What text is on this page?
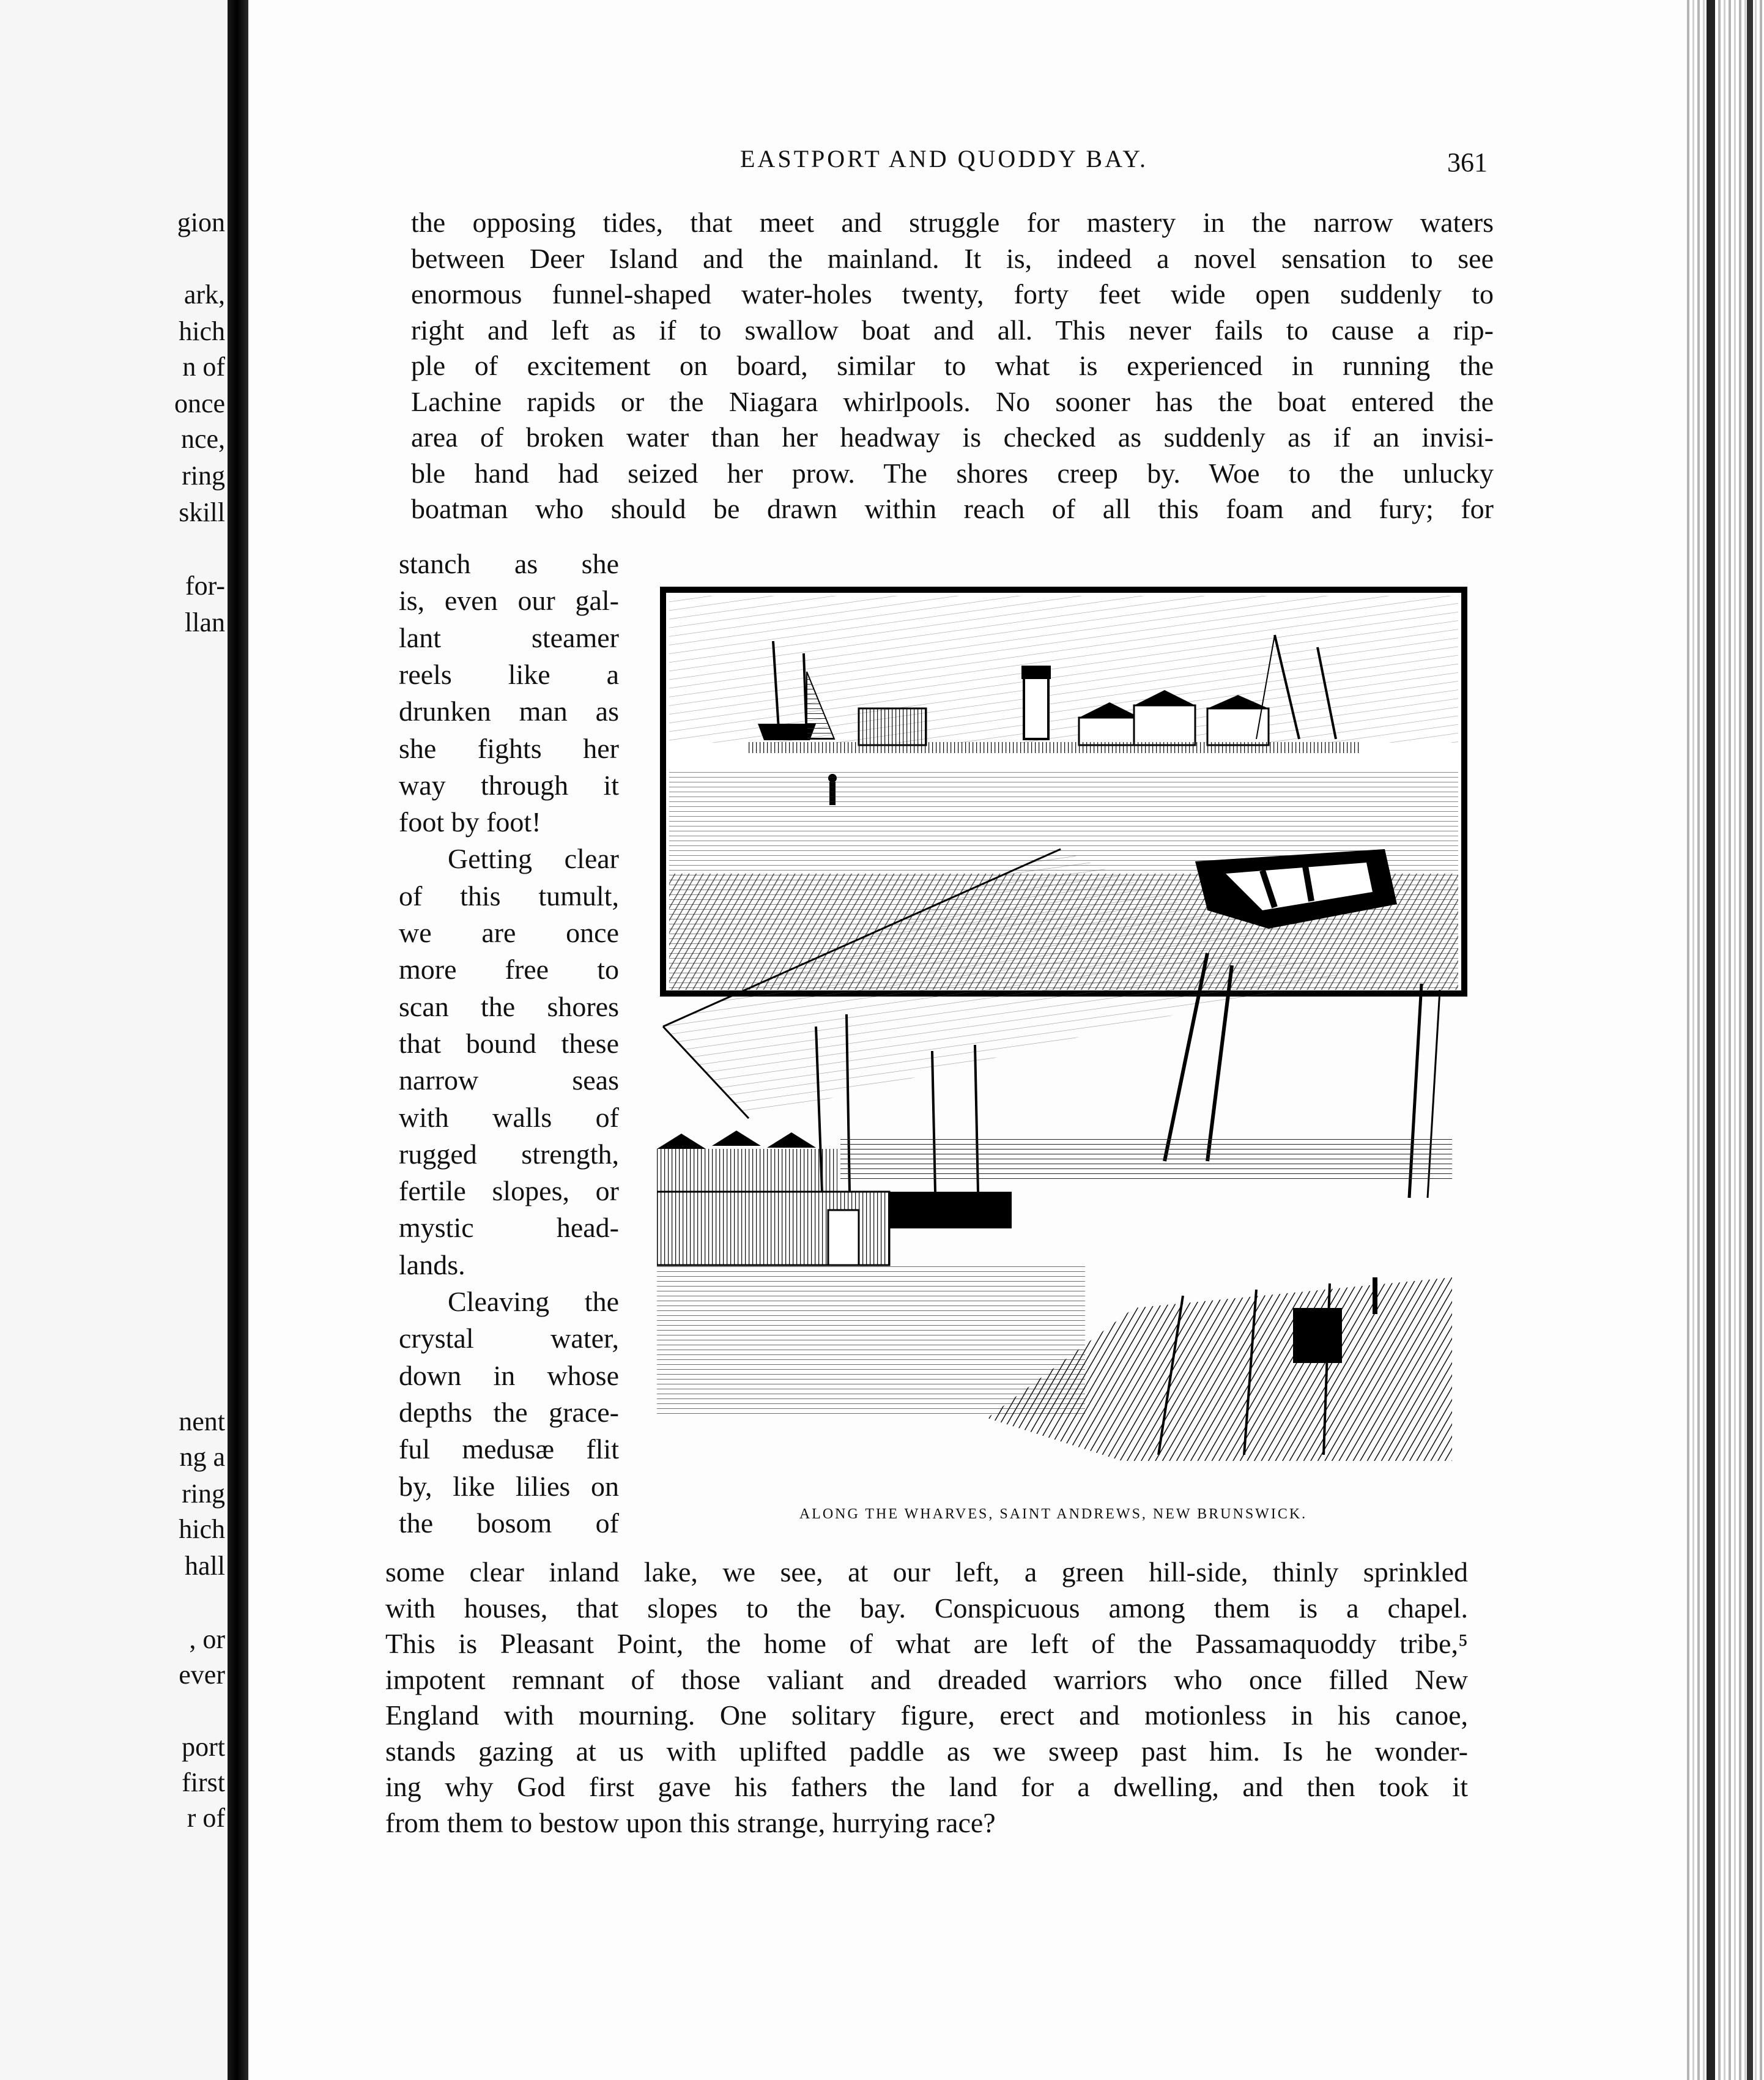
gion
ark,
hich
n of
once
nce,
ring
skill
for-
llan
nent
ng a
ring
hich
hall
, or
ever
port
first
r of
EASTPORT AND QUODDY BAY.	361
the opposing tides, that meet and struggle for mastery in the narrow waters
between Deer Island and the mainland. It is, indeed a novel sensation to see
enormous funnel-shaped water-holes twenty, forty feet wide open suddenly to
right and left as if to swallow boat and all. This never fails to cause a rip-
ple of excitement on board, similar to what is experienced in running the
Lachine rapids or the Niagara whirlpools. No sooner has the boat entered the
area of broken water than her headway is checked as suddenly as if an invisi-
ble hand had seized her prow. The shores creep by. Woe to the unlucky
boatman who should be drawn within reach of all this foam and fury; for
stanch as she
is, even our gal-
lant steamer
reels like a
drunken man as
she fights her
way through it
foot by foot!
Getting clear
of this tumult,
we are once
more free to
scan the shores
that bound these
narrow seas
with walls of
rugged strength,
fertile slopes, or
mystic head-
lands.
Cleaving the
crystal water,
down in whose
depths the grace-
ful medusæ flit
by, like lilies on
the bosom of
some clear inland lake, we see, at our left, a green hill-side, thinly sprinkled
with houses, that slopes to the bay. Conspicuous among them is a chapel.
This is Pleasant Point, the home of what are left of the Passamaquoddy tribe,⁵
impotent remnant of those valiant and dreaded warriors who once filled New
England with mourning. One solitary figure, erect and motionless in his canoe,
stands gazing at us with uplifted paddle as we sweep past him. Is he wonder-
ing why God first gave his fathers the land for a dwelling, and then took it
from them to bestow upon this strange, hurrying race?
ALONG THE WHARVES, SAINT ANDREWS, NEW BRUNSWICK.
